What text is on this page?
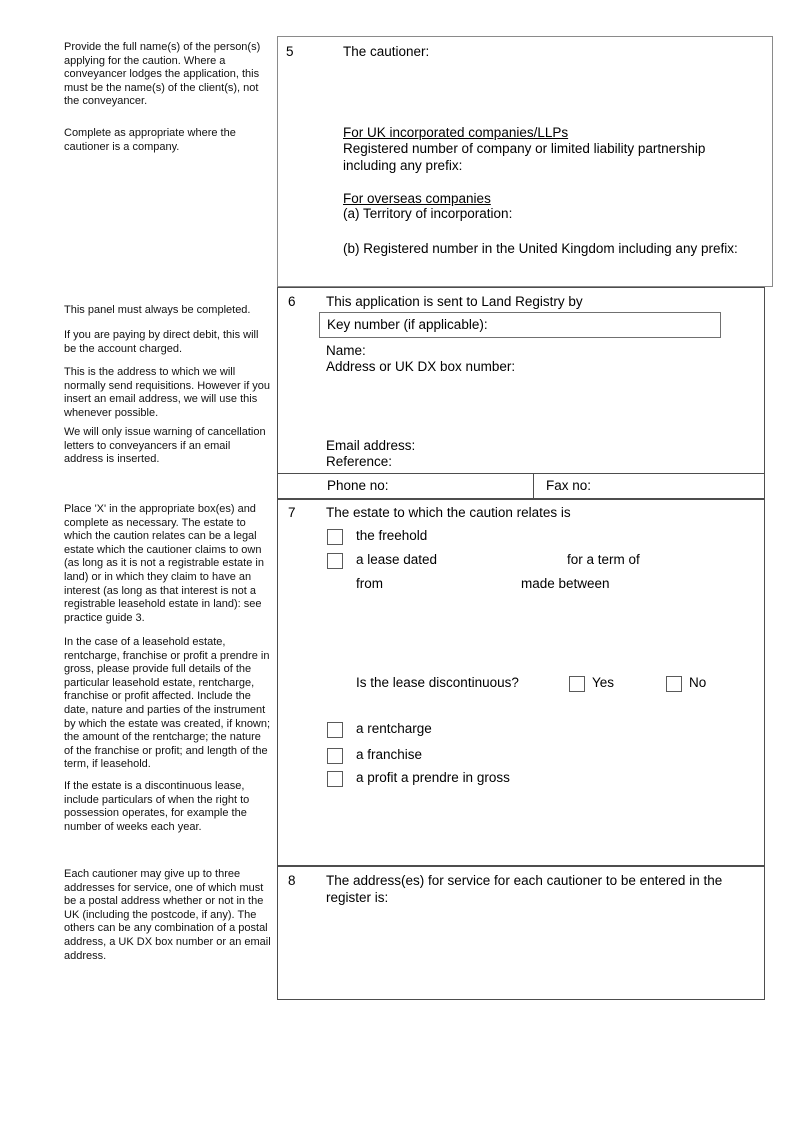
Provide the full name(s) of the person(s) applying for the caution. Where a conveyancer lodges the application, this must be the name(s) of the client(s), not the conveyancer.
Complete as appropriate where the cautioner is a company.
This panel must always be completed.
If you are paying by direct debit, this will be the account charged.
This is the address to which we will normally send requisitions. However if you insert an email address, we will use this whenever possible.
We will only issue warning of cancellation letters to conveyancers if an email address is inserted.
Place 'X' in the appropriate box(es) and complete as necessary. The estate to which the caution relates can be a legal estate which the cautioner claims to own (as long as it is not a registrable estate in land) or in which they claim to have an interest (as long as that interest is not a registrable leasehold estate in land): see practice guide 3.
In the case of a leasehold estate, rentcharge, franchise or profit a prendre in gross, please provide full details of the particular leasehold estate, rentcharge, franchise or profit affected. Include the date, nature and parties of the instrument by which the estate was created, if known; the amount of the rentcharge; the nature of the franchise or profit; and length of the term, if leasehold.
If the estate is a discontinuous lease, include particulars of when the right to possession operates, for example the number of weeks each year.
Each cautioner may give up to three addresses for service, one of which must be a postal address whether or not in the UK (including the postcode, if any). The others can be any combination of a postal address, a UK DX box number or an email address.
5	The cautioner:
For UK incorporated companies/LLPs
Registered number of company or limited liability partnership including any prefix:
For overseas companies
(a) Territory of incorporation:
(b) Registered number in the United Kingdom including any prefix:
6 This application is sent to Land Registry by
Key number (if applicable):
Name:
Address or UK DX box number:
Email address:
Reference:
Phone no:	Fax no:
7 The estate to which the caution relates is
the freehold
a lease dated	for a term of
from	made between
Is the lease discontinuous?	Yes	No
a rentcharge
a franchise
a profit a prendre in gross
8 The address(es) for service for each cautioner to be entered in the register is:
